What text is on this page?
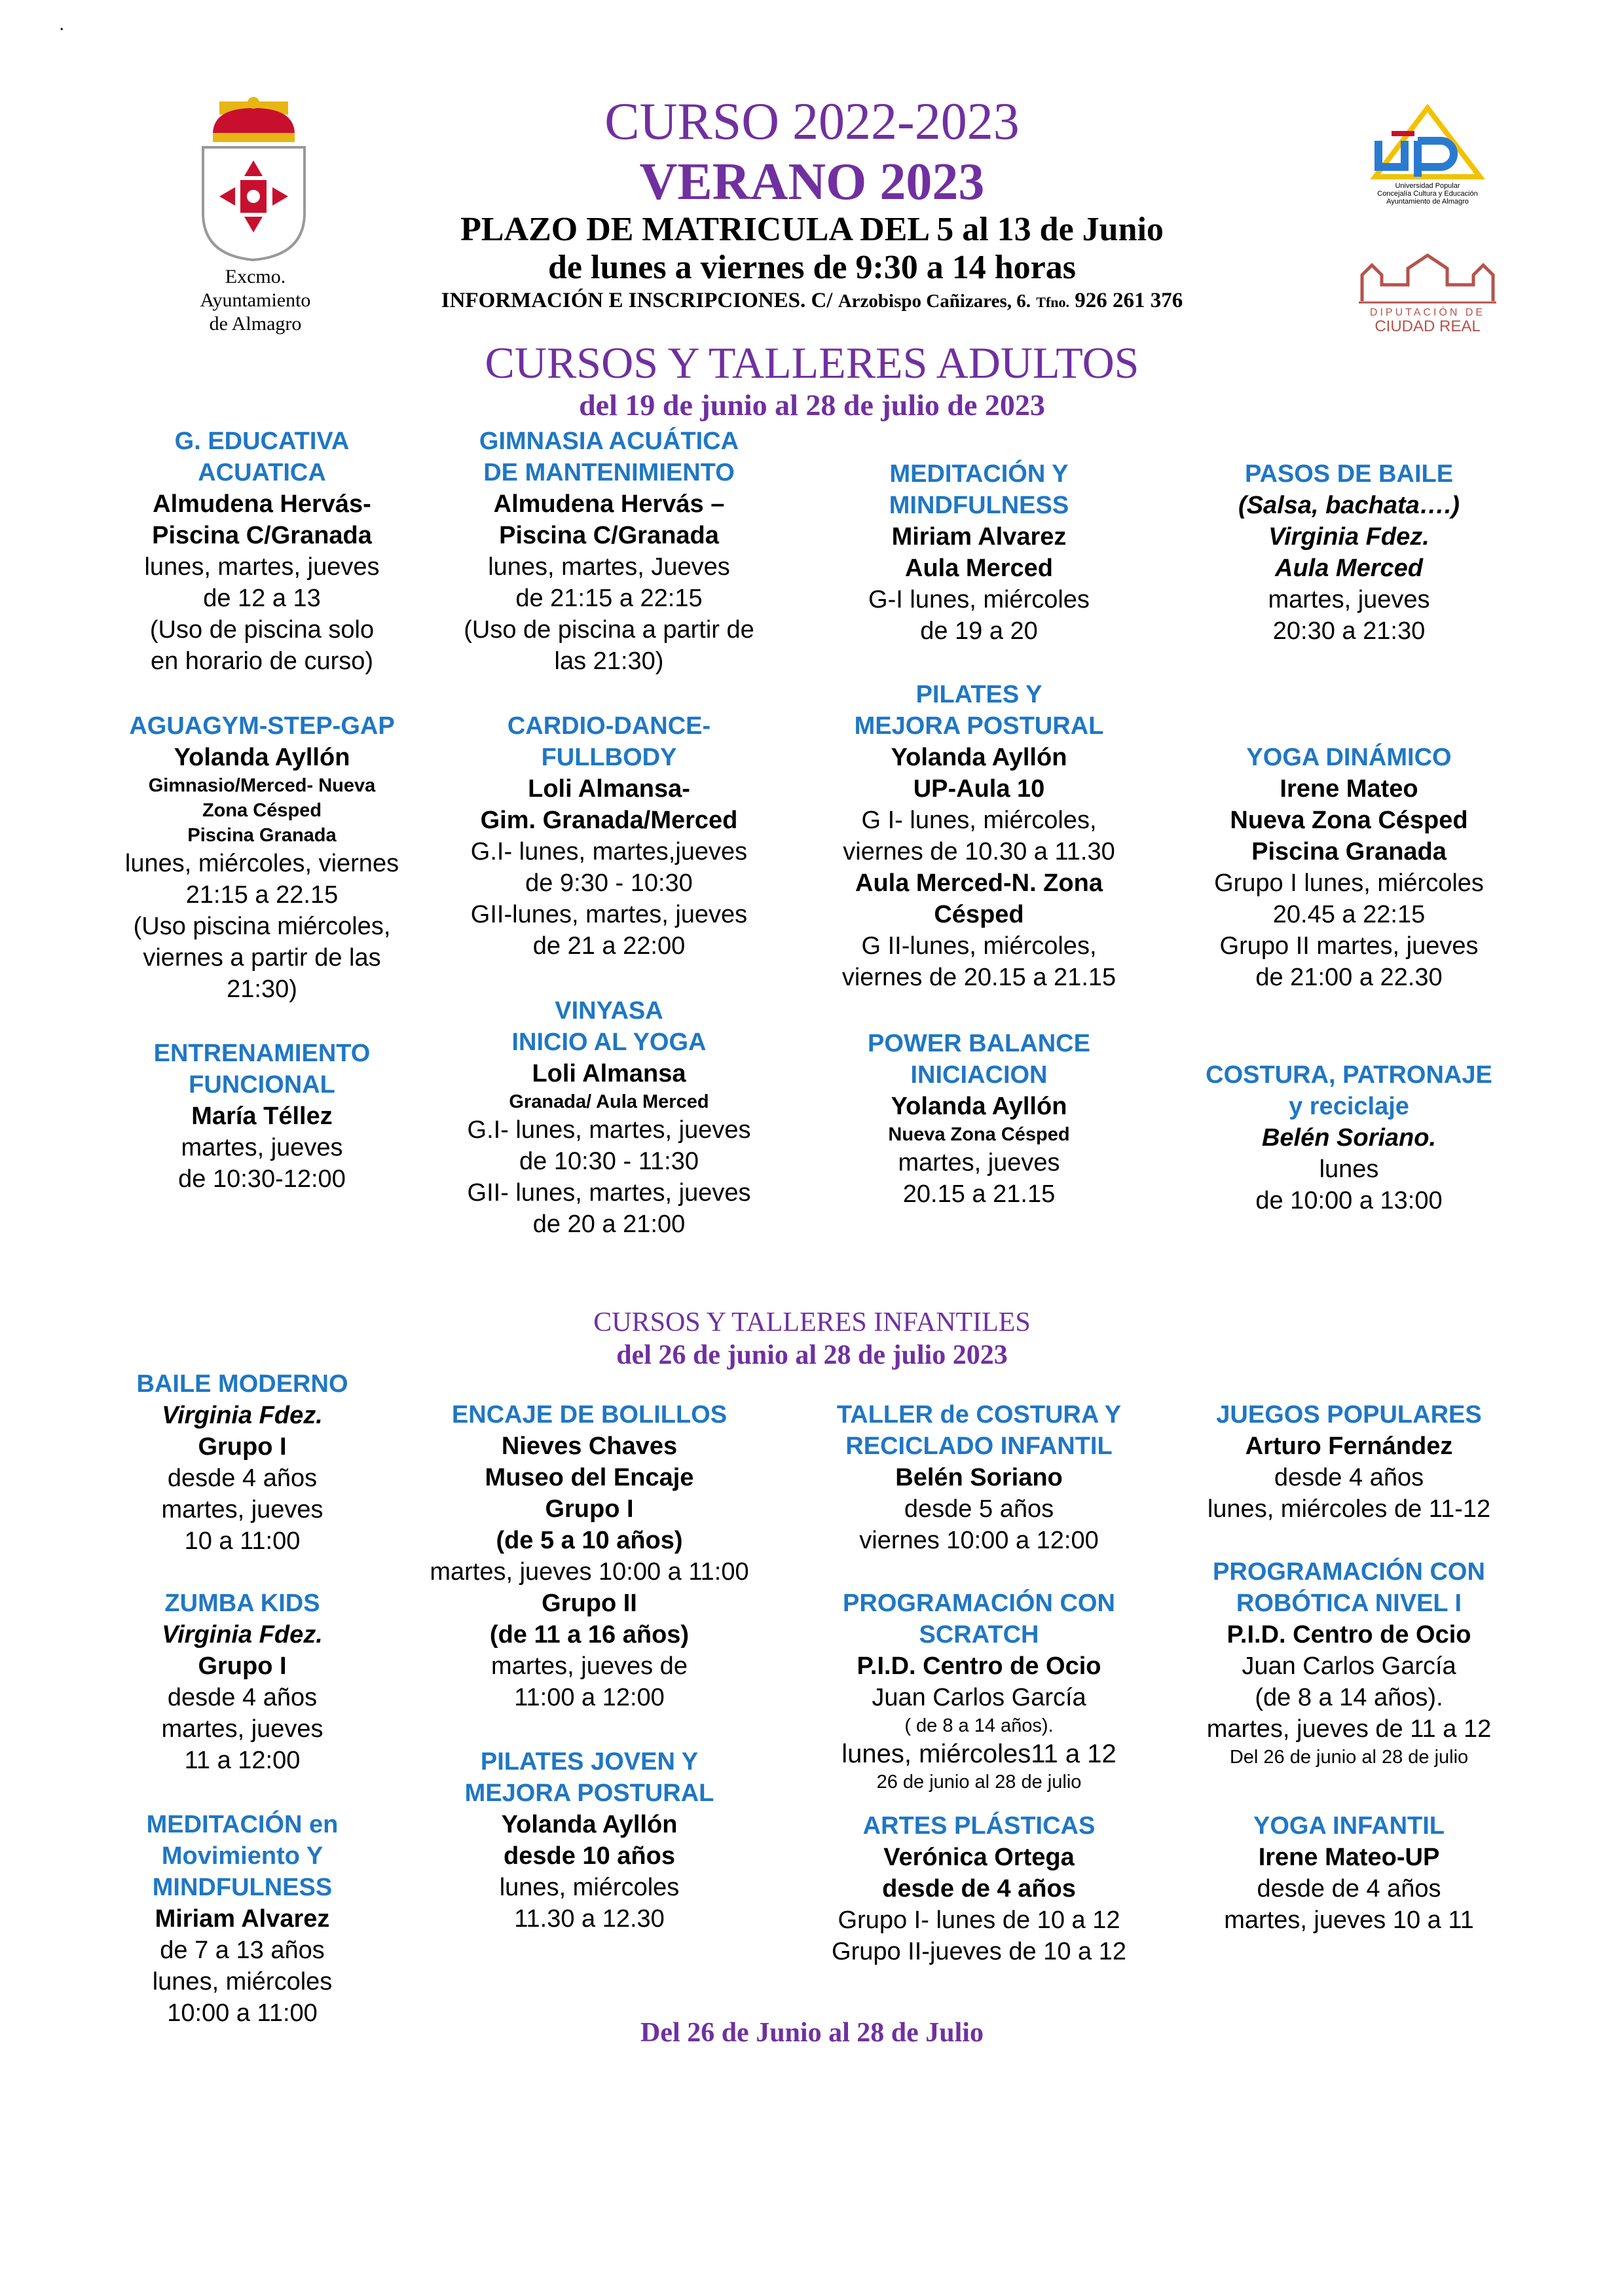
.
Excmo.
Ayuntamiento
de Almagro
CURSO 2022-2023
VERANO 2023
PLAZO DE MATRICULA DEL 5 al 13 de Junio
de lunes a viernes de 9:30 a 14 horas
INFORMACIÓN E INSCRIPCIONES. C/ Arzobispo Cañizares, 6. Tfno. 926 261 376
Universidad Popular
Concejalía Cultura y Educación
Ayuntamiento de Almagro
DIPUTACIÓN DE
CIUDAD REAL
CURSOS Y TALLERES ADULTOS
del 19 de junio al 28 de julio de 2023
G. EDUCATIVA
ACUATICA
Almudena Hervás-
Piscina C/Granada
lunes, martes, jueves
de 12 a 13
(Uso de piscina solo
en horario de curso)
AGUAGYM-STEP-GAP
Yolanda Ayllón
Gimnasio/Merced- Nueva
Zona Césped
Piscina Granada
lunes, miércoles, viernes
21:15 a 22.15
(Uso piscina miércoles,
viernes a partir de las
21:30)
ENTRENAMIENTO
FUNCIONAL
María Téllez
martes, jueves
de 10:30-12:00
GIMNASIA ACUÁTICA
DE MANTENIMIENTO
Almudena Hervás –
Piscina C/Granada
lunes, martes, Jueves
de 21:15 a 22:15
(Uso de piscina a partir de
las 21:30)
CARDIO-DANCE-
FULLBODY
Loli Almansa-
Gim. Granada/Merced
G.I- lunes, martes,jueves
de 9:30 - 10:30
GII-lunes, martes, jueves
de 21 a 22:00
VINYASA
INICIO AL YOGA
Loli Almansa
Granada/ Aula Merced
G.I- lunes, martes, jueves
de 10:30 - 11:30
GII- lunes, martes, jueves
de 20 a 21:00
MEDITACIÓN Y
MINDFULNESS
Miriam Alvarez
Aula Merced
G-I lunes, miércoles
de 19 a 20
PILATES Y
MEJORA POSTURAL
Yolanda Ayllón
UP-Aula 10
G I- lunes, miércoles,
viernes de 10.30 a 11.30
Aula Merced-N. Zona
Césped
G II-lunes, miércoles,
viernes de 20.15 a 21.15
POWER BALANCE
INICIACION
Yolanda Ayllón
Nueva Zona Césped
martes, jueves
20.15 a 21.15
PASOS DE BAILE
(Salsa, bachata….)
Virginia Fdez.
Aula Merced
martes, jueves
20:30 a 21:30
YOGA DINÁMICO
Irene Mateo
Nueva Zona Césped
Piscina Granada
Grupo I lunes, miércoles
20.45 a 22:15
Grupo II martes, jueves
de 21:00 a 22.30
COSTURA, PATRONAJE
y reciclaje
Belén Soriano.
lunes
de 10:00 a 13:00
CURSOS Y TALLERES INFANTILES
del 26 de junio al 28 de julio 2023
BAILE MODERNO
Virginia Fdez.
Grupo I
desde 4 años
martes, jueves
10 a 11:00
ZUMBA KIDS
Virginia Fdez.
Grupo I
desde 4 años
martes, jueves
11 a 12:00
MEDITACIÓN en
Movimiento Y
MINDFULNESS
Miriam Alvarez
de 7 a 13 años
lunes, miércoles
10:00 a 11:00
ENCAJE DE BOLILLOS
Nieves Chaves
Museo del Encaje
Grupo I
(de 5 a 10 años)
martes, jueves 10:00 a 11:00
Grupo II
(de 11 a 16 años)
martes, jueves de
11:00 a 12:00
PILATES JOVEN Y
MEJORA POSTURAL
Yolanda Ayllón
desde 10 años
lunes, miércoles
11.30 a 12.30
TALLER de COSTURA Y
RECICLADO INFANTIL
Belén Soriano
desde 5 años
viernes 10:00 a 12:00
PROGRAMACIÓN CON
SCRATCH
P.I.D. Centro de Ocio
Juan Carlos García
( de 8 a 14 años).
lunes, miércoles11 a 12
26 de junio al 28 de julio
ARTES PLÁSTICAS
Verónica Ortega
desde de 4 años
Grupo I- lunes de 10 a 12
Grupo II-jueves de 10 a 12
JUEGOS POPULARES
Arturo Fernández
desde 4 años
lunes, miércoles de 11-12
PROGRAMACIÓN CON
ROBÓTICA NIVEL I
P.I.D. Centro de Ocio
Juan Carlos García
(de 8 a 14 años).
martes, jueves de 11 a 12
Del 26 de junio al 28 de julio
YOGA INFANTIL
Irene Mateo-UP
desde de 4 años
martes, jueves 10 a 11
Del 26 de Junio al 28 de Julio
